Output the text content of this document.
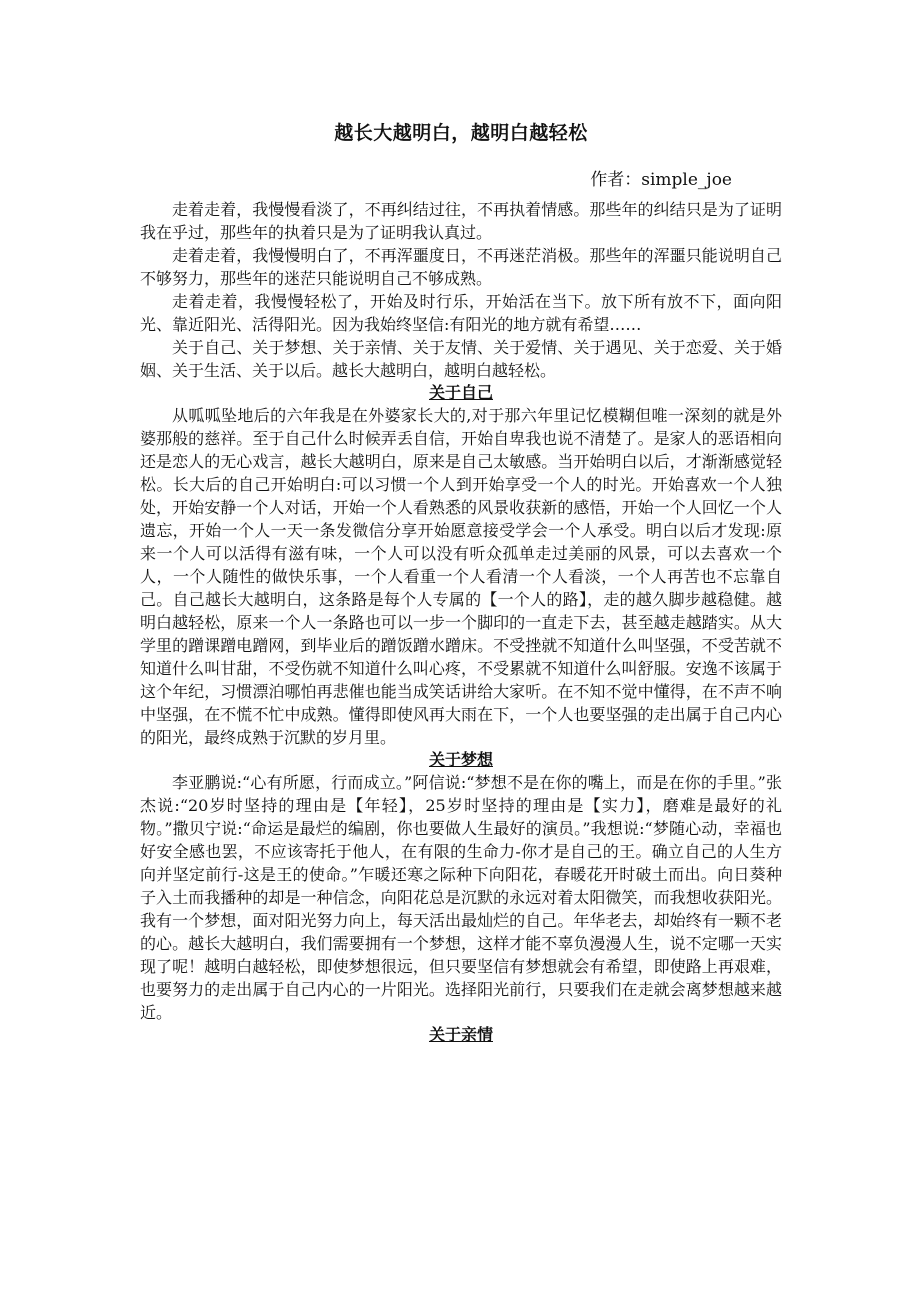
越长大越明白，越明白越轻松
作者：simple_joe

走着走着，我慢慢看淡了，不再纠结过往，不再执着情感。那些年的纠结只是为了证明我在乎过，那些年的执着只是为了证明我认真过。

走着走着，我慢慢明白了，不再浑噩度日，不再迷茫消极。那些年的浑噩只能说明自己不够努力，那些年的迷茫只能说明自己不够成熟。

走着走着，我慢慢轻松了，开始及时行乐，开始活在当下。放下所有放不下，面向阳光、靠近阳光、活得阳光。因为我始终坚信:有阳光的地方就有希望……

关于自己、关于梦想、关于亲情、关于友情、关于爱情、关于遇见、关于恋爱、关于婚姻、关于生活、关于以后。越长大越明白，越明白越轻松。

关于自己

从呱呱坠地后的六年我是在外婆家长大的,对于那六年里记忆模糊但唯一深刻的就是外婆那般的慈祥。至于自己什么时候弄丢自信，开始自卑我也说不清楚了。是家人的恶语相向还是恋人的无心戏言，越长大越明白，原来是自己太敏感。当开始明白以后，才渐渐感觉轻松。长大后的自己开始明白:可以习惯一个人到开始享受一个人的时光。开始喜欢一个人独处，开始安静一个人对话，开始一个人看熟悉的风景收获新的感悟，开始一个人回忆一个人遗忘，开始一个人一天一条发微信分享开始愿意接受学会一个人承受。明白以后才发现:原来一个人可以活得有滋有味，一个人可以没有听众孤单走过美丽的风景，可以去喜欢一个人，一个人随性的做快乐事，一个人看重一个人看清一个人看淡，一个人再苦也不忘靠自己。自己越长大越明白，这条路是每个人专属的【一个人的路】，走的越久脚步越稳健。越明白越轻松，原来一个人一条路也可以一步一个脚印的一直走下去，甚至越走越踏实。从大学里的蹭课蹭电蹭网，到毕业后的蹭饭蹭水蹭床。不受挫就不知道什么叫坚强，不受苦就不知道什么叫甘甜，不受伤就不知道什么叫心疼，不受累就不知道什么叫舒服。安逸不该属于这个年纪，习惯漂泊哪怕再悲催也能当成笑话讲给大家听。在不知不觉中懂得，在不声不响中坚强，在不慌不忙中成熟。懂得即使风再大雨在下，一个人也要坚强的走出属于自己内心的阳光，最终成熟于沉默的岁月里。

关于梦想

李亚鹏说:“心有所愿，行而成立。”阿信说:“梦想不是在你的嘴上，而是在你的手里。”张杰说:“20岁时坚持的理由是【年轻】，25岁时坚持的理由是【实力】，磨难是最好的礼物。”撒贝宁说:“命运是最烂的编剧，你也要做人生最好的演员。”我想说:“梦随心动，幸福也好安全感也罢，不应该寄托于他人，在有限的生命力-你才是自己的王。确立自己的人生方向并坚定前行-这是王的使命。”乍暖还寒之际种下向阳花，春暖花开时破土而出。向日葵种子入土而我播种的却是一种信念，向阳花总是沉默的永远对着太阳微笑，而我想收获阳光。我有一个梦想，面对阳光努力向上，每天活出最灿烂的自己。年华老去，却始终有一颗不老的心。越长大越明白，我们需要拥有一个梦想，这样才能不辜负漫漫人生，说不定哪一天实现了呢！越明白越轻松，即使梦想很远，但只要坚信有梦想就会有希望，即使路上再艰难，也要努力的走出属于自己内心的一片阳光。选择阳光前行，只要我们在走就会离梦想越来越近。

关于亲情
